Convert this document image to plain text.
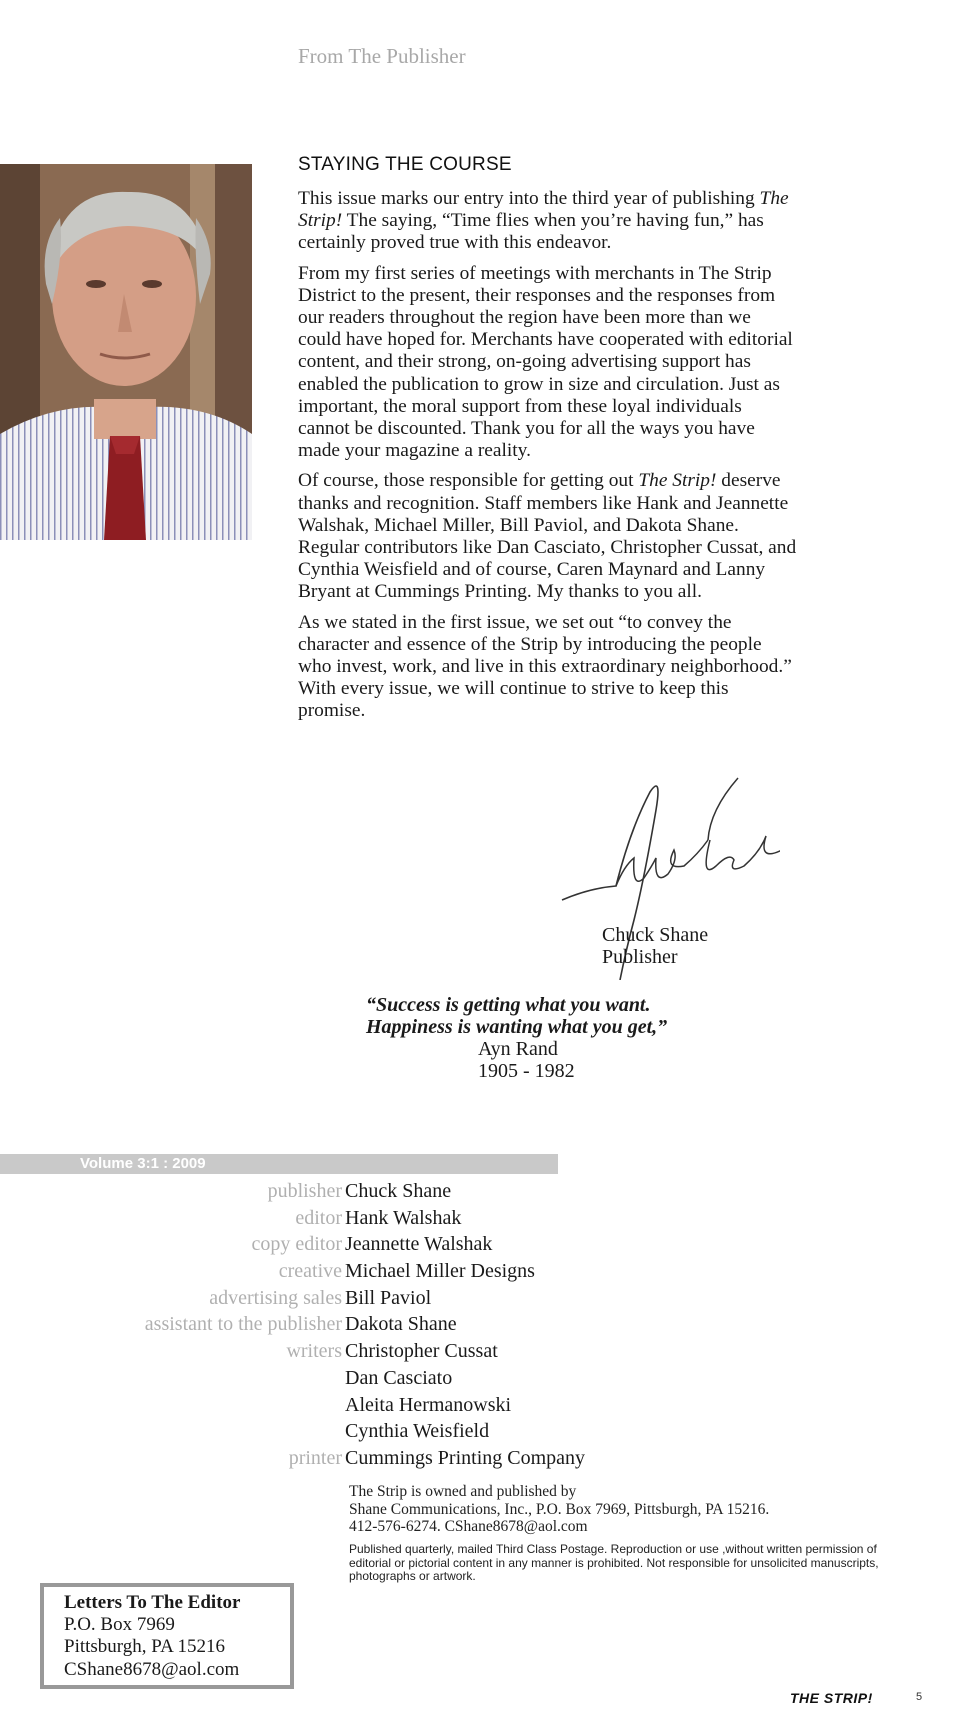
From The Publisher
STAYING THE COURSE

This issue marks our entry into the third year of publishing The Strip! The saying, “Time flies when you’re having fun,” has certainly proved true with this endeavor.

From my first series of meetings with merchants in The Strip District to the present, their responses and the responses from our readers throughout the region have been more than we could have hoped for. Merchants have cooperated with editorial content, and their strong, on-going advertising support has enabled the publication to grow in size and circulation. Just as important, the moral support from these loyal individuals cannot be discounted. Thank you for all the ways you have made your magazine a reality.

Of course, those responsible for getting out The Strip! deserve thanks and recognition. Staff members like Hank and Jeannette Walshak, Michael Miller, Bill Paviol, and Dakota Shane. Regular contributors like Dan Casciato, Christopher Cussat, and Cynthia Weisfield and of course, Caren Maynard and Lanny Bryant at Cummings Printing. My thanks to you all.

As we stated in the first issue, we set out “to convey the character and essence of the Strip by introducing the people who invest, work, and live in this extraordinary neighborhood.” With every issue, we will continue to strive to keep this promise.

Chuck Shane
Publisher
“Success is getting what you want.
Happiness is wanting what you get,”
Ayn Rand
1905 - 1982
Volume 3:1 : 2009
publisher Chuck Shane
editor Hank Walshak
copy editor Jeannette Walshak
creative Michael Miller Designs
advertising sales Bill Paviol
assistant to the publisher Dakota Shane
writers Christopher Cussat
Dan Casciato
Aleita Hermanowski
Cynthia Weisfield
printer Cummings Printing Company
The Strip is owned and published by
Shane Communications, Inc., P.O. Box 7969, Pittsburgh, PA 15216.
412-576-6274. CShane8678@aol.com
Published quarterly, mailed Third Class Postage. Reproduction or use ,without written permission of editorial or pictorial content in any manner is prohibited. Not responsible for unsolicited manuscripts, photographs or artwork.
Letters To The Editor
P.O. Box 7969
Pittsburgh, PA 15216
CShane8678@aol.com
THE STRIP!	5
